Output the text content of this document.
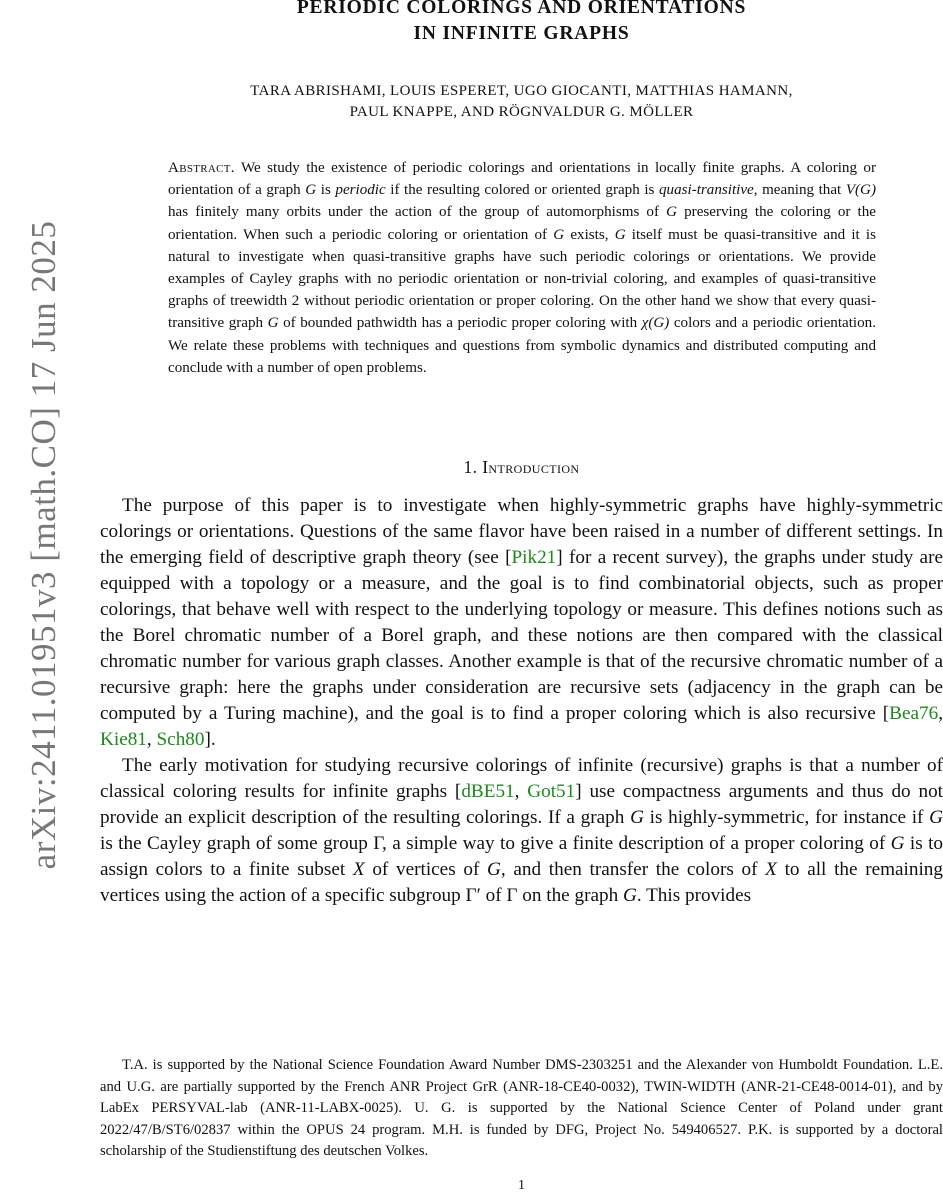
arXiv:2411.01951v3 [math.CO] 17 Jun 2025
PERIODIC COLORINGS AND ORIENTATIONS
IN INFINITE GRAPHS
TARA ABRISHAMI, LOUIS ESPERET, UGO GIOCANTI, MATTHIAS HAMANN,
PAUL KNAPPE, AND RÖGNVALDUR G. MÖLLER
Abstract. We study the existence of periodic colorings and orientations in locally finite graphs. A coloring or orientation of a graph G is periodic if the resulting colored or oriented graph is quasi-transitive, meaning that V(G) has finitely many orbits under the action of the group of automorphisms of G preserving the coloring or the orientation. When such a periodic coloring or orientation of G exists, G itself must be quasi-transitive and it is natural to investigate when quasi-transitive graphs have such periodic colorings or orientations. We provide examples of Cayley graphs with no periodic orientation or non-trivial coloring, and examples of quasi-transitive graphs of treewidth 2 without periodic orientation or proper coloring. On the other hand we show that every quasi-transitive graph G of bounded pathwidth has a periodic proper coloring with χ(G) colors and a periodic orientation. We relate these problems with techniques and questions from symbolic dynamics and distributed computing and conclude with a number of open problems.
1. Introduction

The purpose of this paper is to investigate when highly-symmetric graphs have highly-symmetric colorings or orientations. Questions of the same flavor have been raised in a number of different settings. In the emerging field of descriptive graph theory (see [Pik21] for a recent survey), the graphs under study are equipped with a topology or a measure, and the goal is to find combinatorial objects, such as proper colorings, that behave well with respect to the underlying topology or measure. This defines notions such as the Borel chromatic number of a Borel graph, and these notions are then compared with the classical chromatic number for various graph classes. Another example is that of the recursive chromatic number of a recursive graph: here the graphs under consideration are recursive sets (adjacency in the graph can be computed by a Turing machine), and the goal is to find a proper coloring which is also recursive [Bea76, Kie81, Sch80].

The early motivation for studying recursive colorings of infinite (recursive) graphs is that a number of classical coloring results for infinite graphs [dBE51, Got51] use compactness arguments and thus do not provide an explicit description of the resulting colorings. If a graph G is highly-symmetric, for instance if G is the Cayley graph of some group Γ, a simple way to give a finite description of a proper coloring of G is to assign colors to a finite subset X of vertices of G, and then transfer the colors of X to all the remaining vertices using the action of a specific subgroup Γ′ of Γ on the graph G. This provides

T.A. is supported by the National Science Foundation Award Number DMS-2303251 and the Alexander von Humboldt Foundation. L.E. and U.G. are partially supported by the French ANR Project GrR (ANR-18-CE40-0032), TWIN-WIDTH (ANR-21-CE48-0014-01), and by LabEx PERSYVAL-lab (ANR-11-LABX-0025). U. G. is supported by the National Science Center of Poland under grant 2022/47/B/ST6/02837 within the OPUS 24 program. M.H. is funded by DFG, Project No. 549406527. P.K. is supported by a doctoral scholarship of the Studienstiftung des deutschen Volkes.
1
